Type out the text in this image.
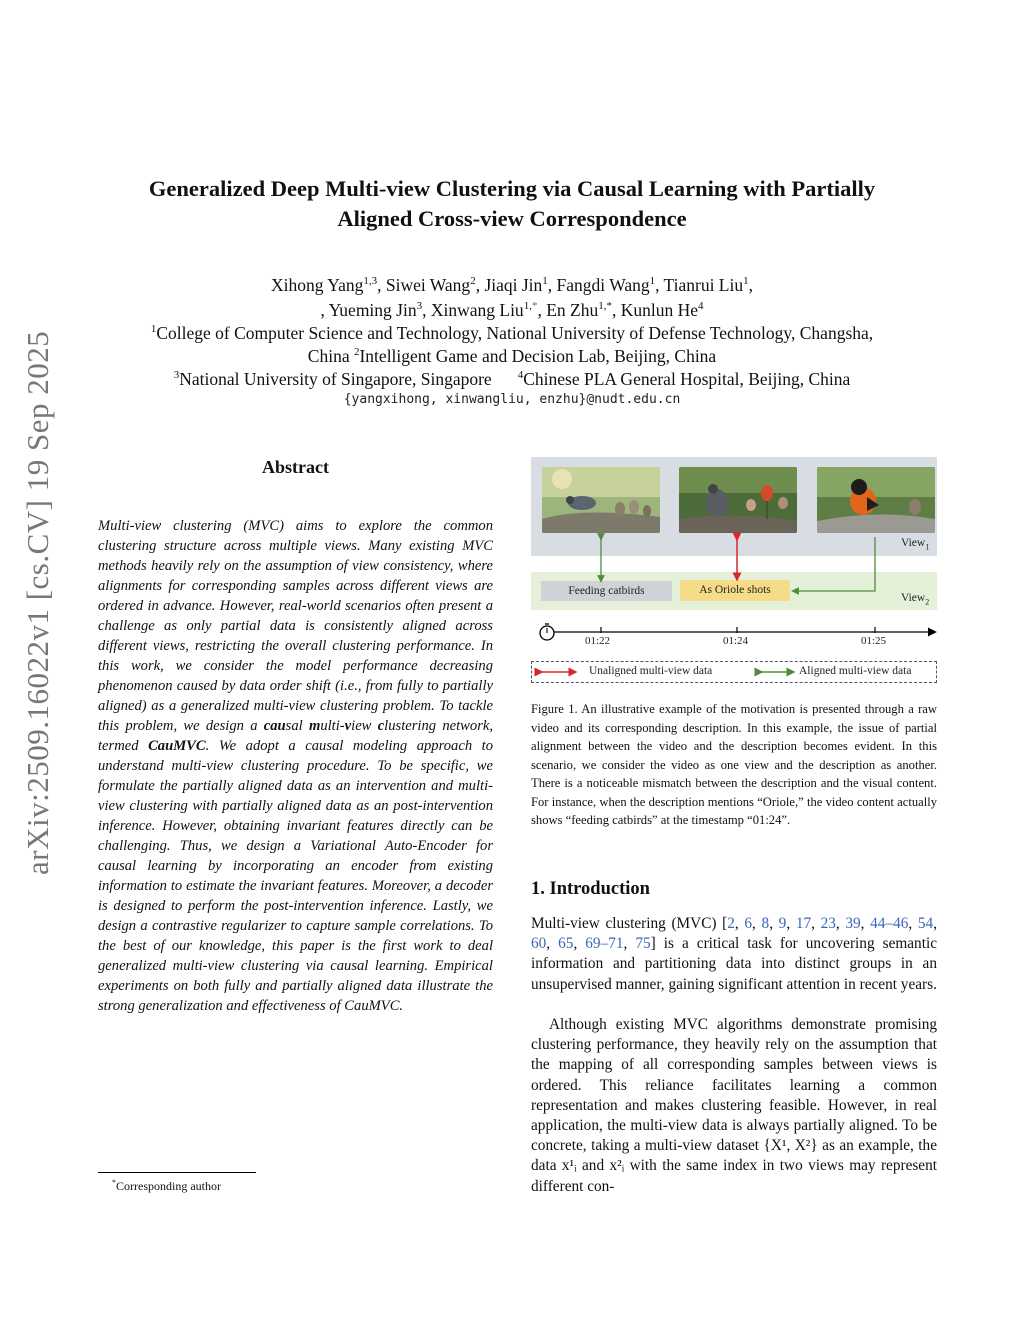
arXiv:2509.16022v1 [cs.CV] 19 Sep 2025
Generalized Deep Multi-view Clustering via Causal Learning with Partially
Aligned Cross-view Correspondence
Xihong Yang$^{1,3}$, Siwei Wang$^2$, Jiaqi Jin$^1$, Fangdi Wang$^1$, Tianrui Liu$^1$,
, Yueming Jin$^3$, Xinwang Liu$^{1,*}$, En Zhu$^{1,*}$, Kunlun He$^4$
$^1$College of Computer Science and Technology, National University of Defense Technology, Changsha,
China $^2$Intelligent Game and Decision Lab, Beijing, China
$^3$National University of Singapore, Singapore $^4$Chinese PLA General Hospital, Beijing, China
{yangxihong, xinwangliu, enzhu}@nudt.edu.cn
Abstract
Multi-view clustering (MVC) aims to explore the common clustering structure across multiple views. Many existing MVC methods heavily rely on the assumption of view consistency, where alignments for corresponding samples across different views are ordered in advance. However, real-world scenarios often present a challenge as only partial data is consistently aligned across different views, restricting the overall clustering performance. In this work, we consider the model performance decreasing phenomenon caused by data order shift (i.e., from fully to partially aligned) as a generalized multi-view clustering problem. To tackle this problem, we design a causal multi-view clustering network, termed CauMVC. We adopt a causal modeling approach to understand multi-view clustering procedure. To be specific, we formulate the partially aligned data as an intervention and multi-view clustering with partially aligned data as an post-intervention inference. However, obtaining invariant features directly can be challenging. Thus, we design a Variational Auto-Encoder for causal learning by incorporating an encoder from existing information to estimate the invariant features. Moreover, a decoder is designed to perform the post-intervention inference. Lastly, we design a contrastive regularizer to capture sample correlations. To the best of our knowledge, this paper is the first work to deal generalized multi-view clustering via causal learning. Empirical experiments on both fully and partially aligned data illustrate the strong generalization and effectiveness of CauMVC.
*Corresponding author
View$_1$
View$_2$
Feeding catbirds	As Oriole shots
01:22	01:24	01:25
Unaligned multi-view data	Aligned multi-view data
Figure 1. An illustrative example of the motivation is presented through a raw video and its corresponding description. In this example, the issue of partial alignment between the video and the description becomes evident. In this scenario, we consider the video as one view and the description as another. There is a noticeable mismatch between the description and the visual content. For instance, when the description mentions “Oriole,” the video content actually shows “feeding catbirds” at the timestamp “01:24”.
1. Introduction
Multi-view clustering (MVC) [2, 6, 8, 9, 17, 23, 39, 44–46, 54, 60, 65, 69–71, 75] is a critical task for uncovering semantic information and partitioning data into distinct groups in an unsupervised manner, gaining significant attention in recent years.
Although existing MVC algorithms demonstrate promising clustering performance, they heavily rely on the assumption that the mapping of all corresponding samples between views is ordered. This reliance facilitates learning a common representation and makes clustering feasible. However, in real application, the multi-view data is always partially aligned. To be concrete, taking a multi-view dataset {X¹, X²} as an example, the data x¹ᵢ and x²ᵢ with the same index in two views may represent different con-
